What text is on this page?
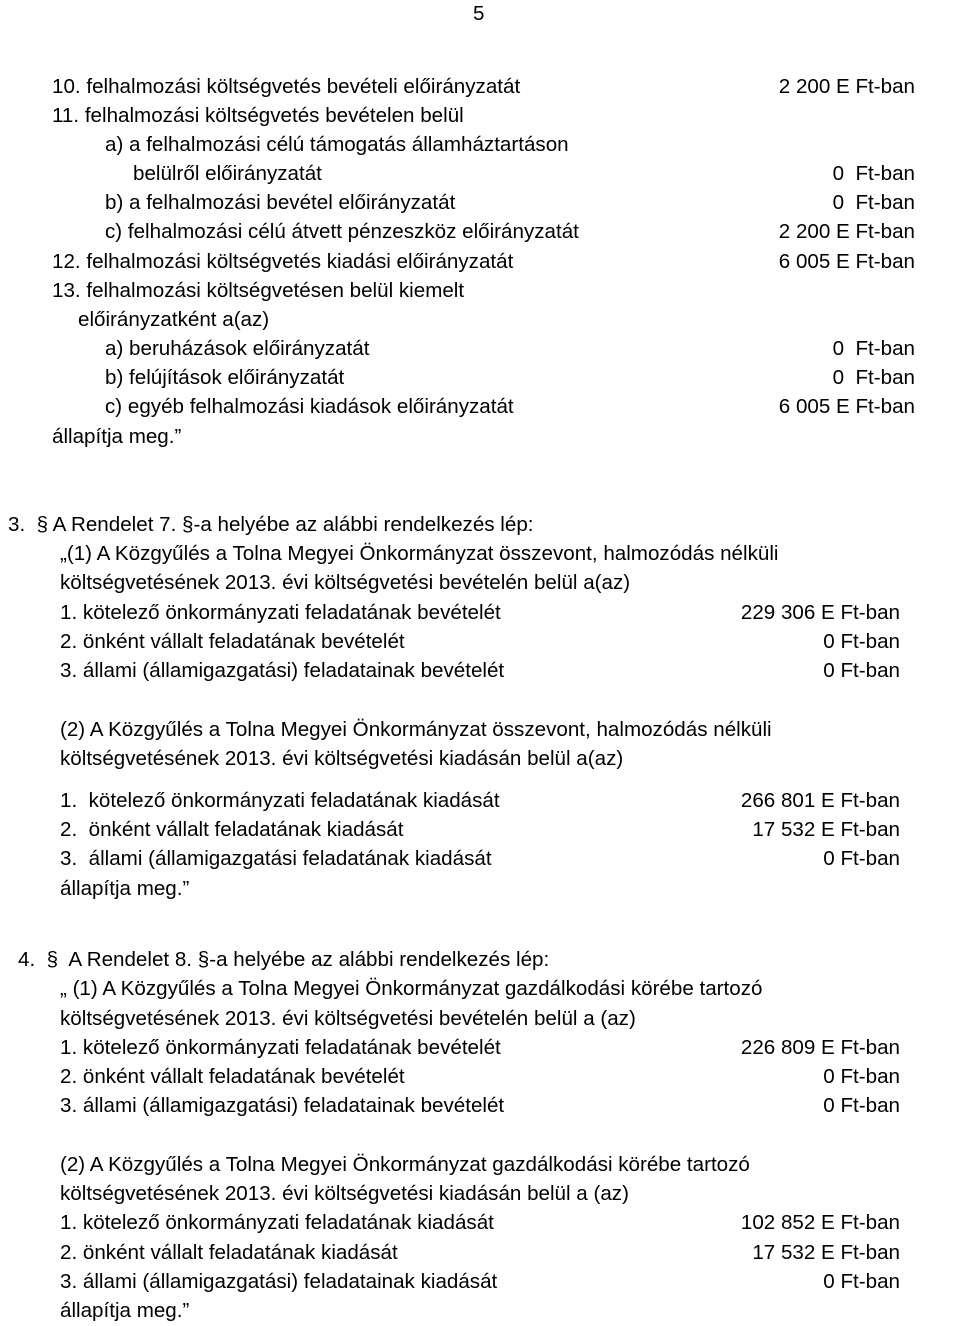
5
10. felhalmozási költségvetés bevételi előirányzatát	2 200 E Ft-ban
11. felhalmozási költségvetés bevételen belül
a) a felhalmozási célú támogatás államháztartáson
belülről előirányzatát	0  Ft-ban
b) a felhalmozási bevétel előirányzatát	0  Ft-ban
c) felhalmozási célú átvett pénzeszköz előirányzatát	2 200 E Ft-ban
12. felhalmozási költségvetés kiadási előirányzatát	6 005 E Ft-ban
13. felhalmozási költségvetésen belül kiemelt
előirányzatként a(az)
a) beruházások előirányzatát	0  Ft-ban
b) felújítások előirányzatát	0  Ft-ban
c) egyéb felhalmozási kiadások előirányzatát	6 005 E Ft-ban
állapítja meg.”
3.  § A Rendelet 7. §-a helyébe az alábbi rendelkezés lép:
„(1) A Közgyűlés a Tolna Megyei Önkormányzat összevont, halmozódás nélküli
költségvetésének 2013. évi költségvetési bevételén belül a(az)
1. kötelező önkormányzati feladatának bevételét	229 306 E Ft-ban
2. önként vállalt feladatának bevételét	0 Ft-ban
3. állami (államigazgatási) feladatainak bevételét	0 Ft-ban
(2) A Közgyűlés a Tolna Megyei Önkormányzat összevont, halmozódás nélküli
költségvetésének 2013. évi költségvetési kiadásán belül a(az)
1.  kötelező önkormányzati feladatának kiadását	266 801 E Ft-ban
2.  önként vállalt feladatának kiadását	17 532 E Ft-ban
3.  állami (államigazgatási feladatának kiadását	0 Ft-ban
állapítja meg.”
4.  §  A Rendelet 8. §-a helyébe az alábbi rendelkezés lép:
„ (1) A Közgyűlés a Tolna Megyei Önkormányzat gazdálkodási körébe tartozó
költségvetésének 2013. évi költségvetési bevételén belül a (az)
1. kötelező önkormányzati feladatának bevételét	226 809 E Ft-ban
2. önként vállalt feladatának bevételét	0 Ft-ban
3. állami (államigazgatási) feladatainak bevételét	0 Ft-ban
(2) A Közgyűlés a Tolna Megyei Önkormányzat gazdálkodási körébe tartozó
költségvetésének 2013. évi költségvetési kiadásán belül a (az)
1. kötelező önkormányzati feladatának kiadását	102 852 E Ft-ban
2. önként vállalt feladatának kiadását	17 532 E Ft-ban
3. állami (államigazgatási) feladatainak kiadását	0 Ft-ban
állapítja meg.”
